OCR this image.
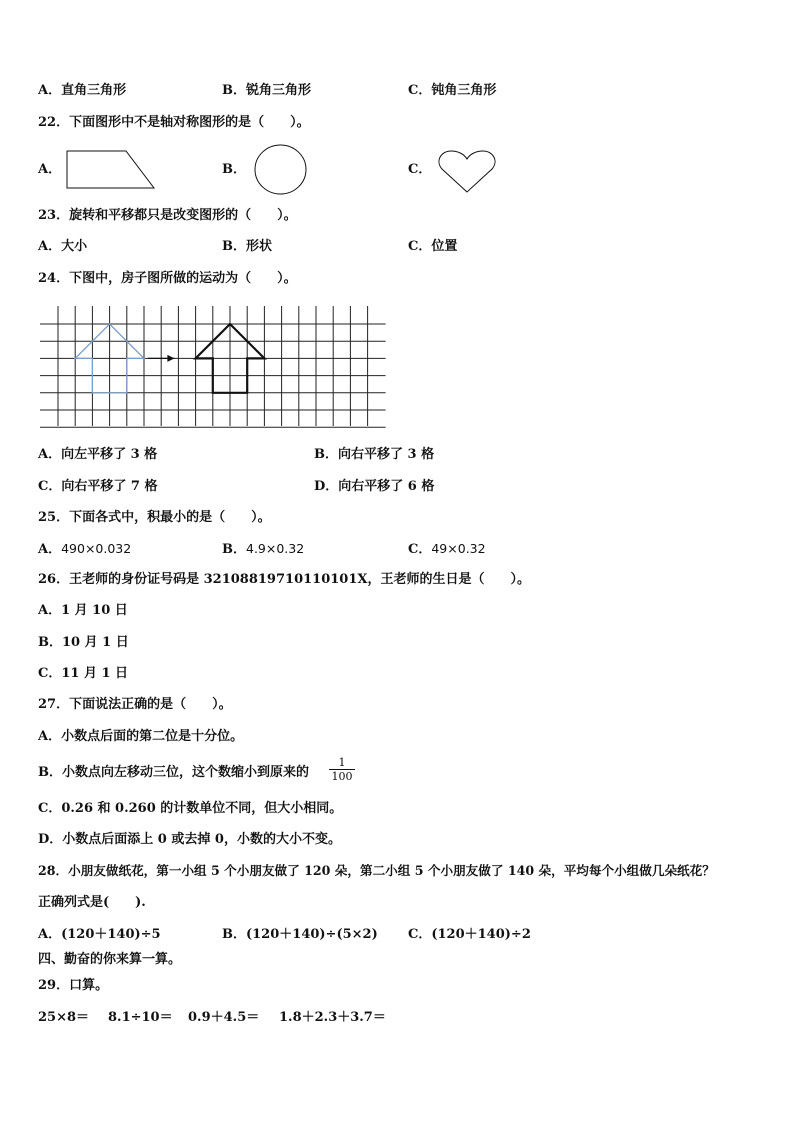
A．直角三角形	B．锐角三角形	C．钝角三角形
22．下面图形中不是轴对称图形的是（　　）。
A．	B．	C．
23．旋转和平移都只是改变图形的（　　）。
A．大小	B．形状	C．位置
24．下图中，房子图所做的运动为（　　）。
A．向左平移了 3 格	B．向右平移了 3 格
C．向右平移了 7 格	D．向右平移了 6 格
25．下面各式中，积最小的是（　　）。
A．490×0.032	B．4.9×0.32	C．49×0.32
26．王老师的身份证号码是 32108819710110101X，王老师的生日是（　　）。
A．1 月 10 日
B．10 月 1 日
C．11 月 1 日
27．下面说法正确的是（　　）。
A．小数点后面的第二位是十分位。
B．小数点向左移动三位，这个数缩小到原来的 $\frac{1}{100}$
C．0.26 和 0.260 的计数单位不同，但大小相同。
D．小数点后面添上 0 或去掉 0，小数的大小不变。
28．小朋友做纸花，第一小组 5 个小朋友做了 120 朵，第二小组 5 个小朋友做了 140 朵，平均每个小组做几朵纸花？
正确列式是(　　).
A．(120＋140)÷5	B．(120＋140)÷(5×2) C．(120＋140)÷2
四、勤奋的你来算一算。
29．口算。
25×8＝ 8.1÷10＝ 0.9＋4.5＝ 1.8＋2.3＋3.7＝
